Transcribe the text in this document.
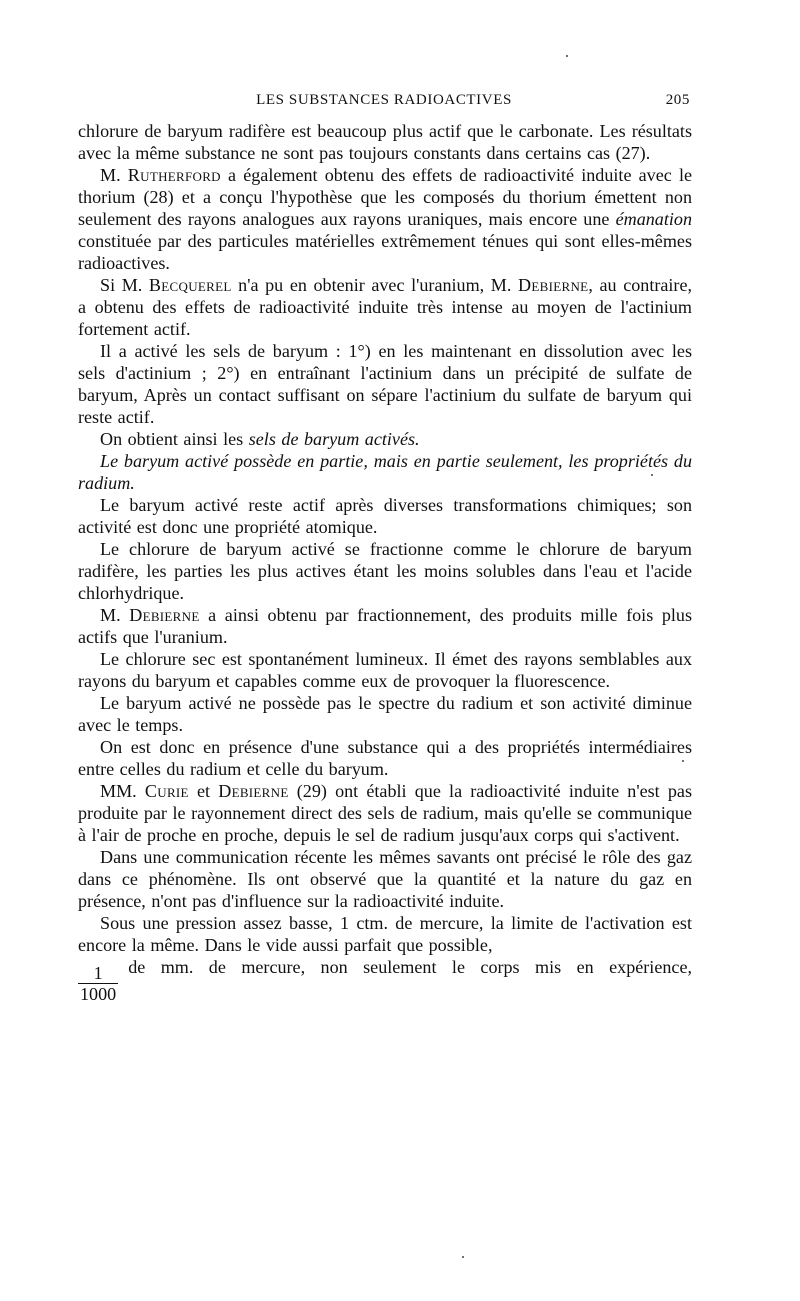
LES SUBSTANCES RADIOACTIVES	205

chlorure de baryum radifère est beaucoup plus actif que le carbonate. Les résultats avec la même substance ne sont pas toujours constants dans certains cas (27).

M. Rutherford a également obtenu des effets de radioactivité induite avec le thorium (28) et a conçu l'hypothèse que les composés du thorium émettent non seulement des rayons analogues aux rayons uraniques, mais encore une émanation constituée par des particules matérielles extrêmement ténues qui sont elles-mêmes radioactives.

Si M. Becquerel n'a pu en obtenir avec l'uranium, M. Debierne, au contraire, a obtenu des effets de radioactivité induite très intense au moyen de l'actinium fortement actif.

Il a activé les sels de baryum : 1°) en les maintenant en dissolution avec les sels d'actinium ; 2°) en entraînant l'actinium dans un précipité de sulfate de baryum, Après un contact suffisant on sépare l'actinium du sulfate de baryum qui reste actif.

On obtient ainsi les sels de baryum activés.

Le baryum activé possède en partie, mais en partie seulement, les propriétés du radium.

Le baryum activé reste actif après diverses transformations chimiques; son activité est donc une propriété atomique.

Le chlorure de baryum activé se fractionne comme le chlorure de baryum radifère, les parties les plus actives étant les moins solubles dans l'eau et l'acide chlorhydrique.

M. Debierne a ainsi obtenu par fractionnement, des produits mille fois plus actifs que l'uranium.

Le chlorure sec est spontanément lumineux. Il émet des rayons semblables aux rayons du baryum et capables comme eux de provoquer la fluorescence.

Le baryum activé ne possède pas le spectre du radium et son activité diminue avec le temps.

On est donc en présence d'une substance qui a des propriétés intermédiaires entre celles du radium et celle du baryum.

MM. Curie et Debierne (29) ont établi que la radioactivité induite n'est pas produite par le rayonnement direct des sels de radium, mais qu'elle se communique à l'air de proche en proche, depuis le sel de radium jusqu'aux corps qui s'activent.

Dans une communication récente les mêmes savants ont précisé le rôle des gaz dans ce phénomène. Ils ont observé que la quantité et la nature du gaz en présence, n'ont pas d'influence sur la radioactivité induite.

Sous une pression assez basse, 1 ctm. de mercure, la limite de l'activation est encore la même. Dans le vide aussi parfait que possible,

$\frac{1}{1000}$ de mm. de mercure, non seulement le corps mis en expérience,
